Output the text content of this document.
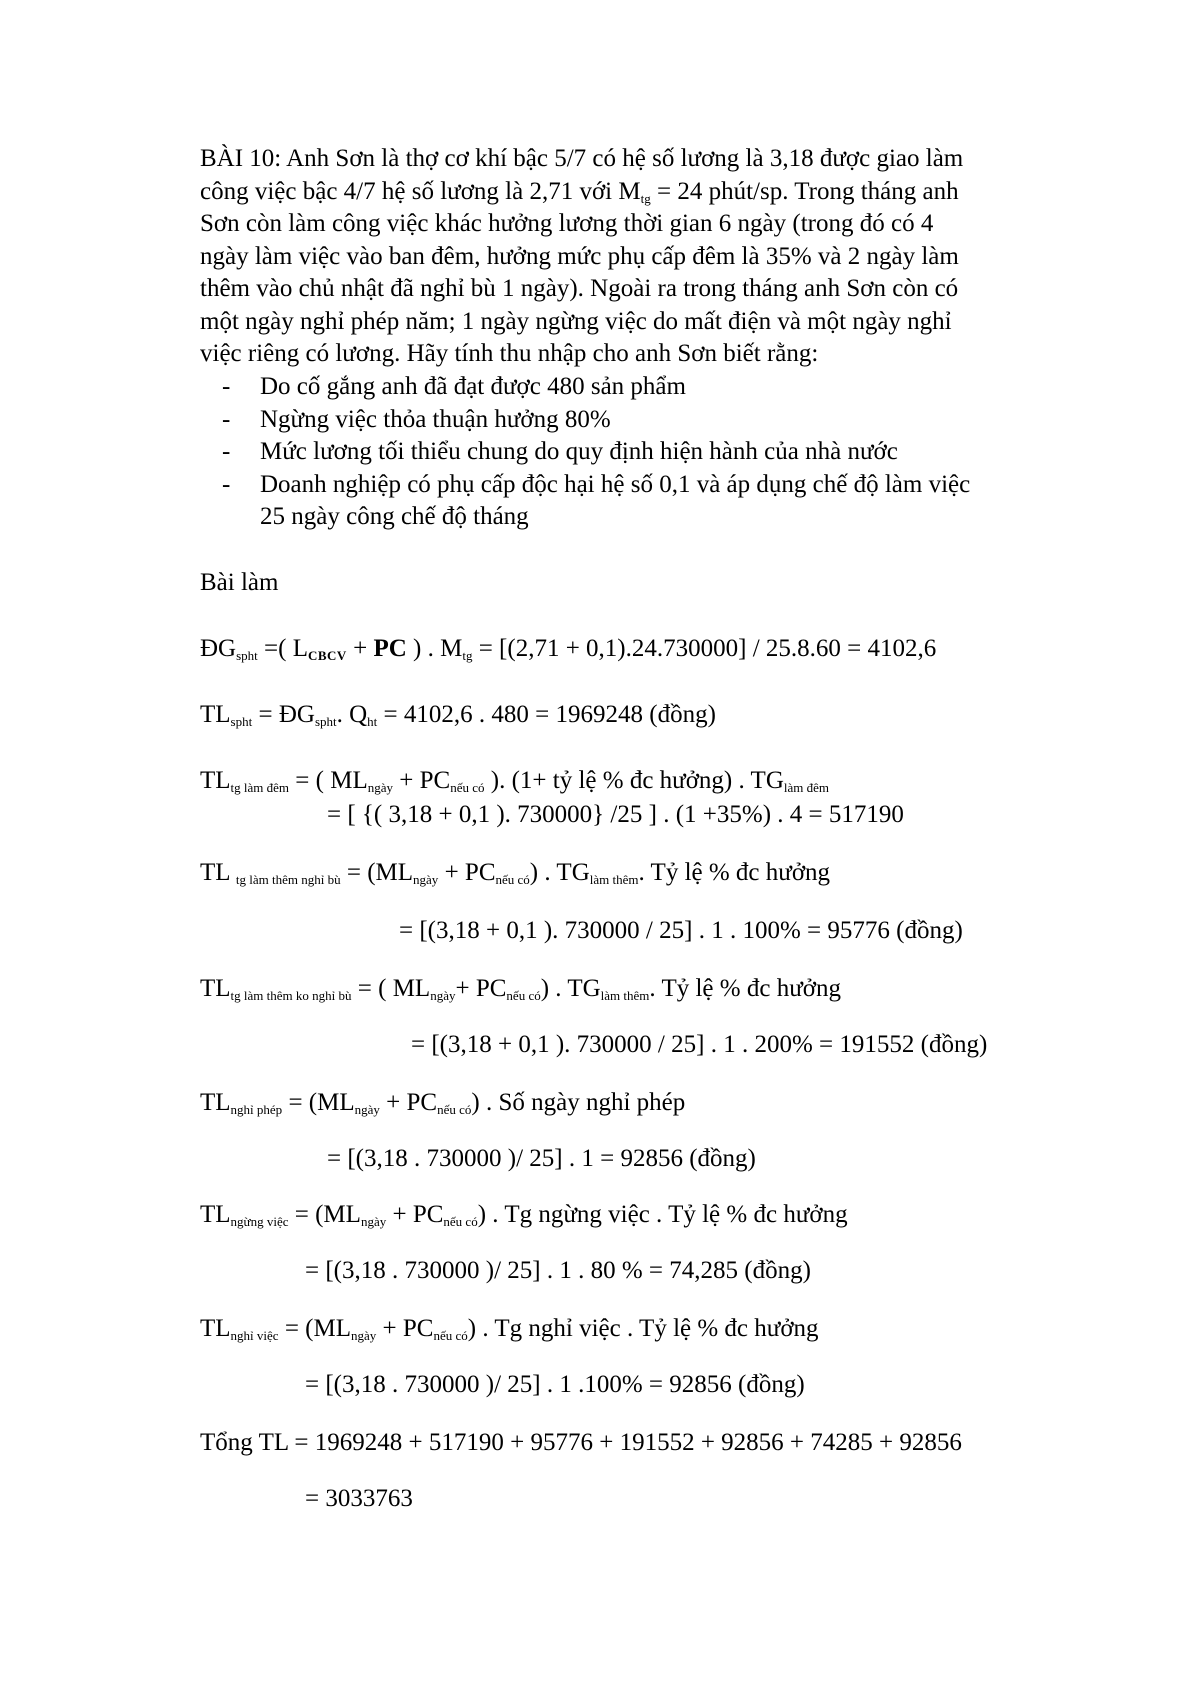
BÀI 10: Anh Sơn là thợ cơ khí bậc 5/7 có hệ số lương là 3,18 được giao làm

công việc bậc 4/7 hệ số lương là 2,71 với $M_{tg} = 24$ phút/sp. Trong tháng anh

Sơn còn làm công việc khác hưởng lương thời gian 6 ngày (trong đó có 4

ngày làm việc vào ban đêm, hưởng mức phụ cấp đêm là 35% và 2 ngày làm

thêm vào chủ nhật đã nghỉ bù 1 ngày). Ngoài ra trong tháng anh Sơn còn có

một ngày nghỉ phép năm; 1 ngày ngừng việc do mất điện và một ngày nghỉ

việc riêng có lương. Hãy tính thu nhập cho anh Sơn biết rằng:

- Do cố gắng anh đã đạt được 480 sản phẩm
- Ngừng việc thỏa thuận hưởng 80%
- Mức lương tối thiểu chung do quy định hiện hành của nhà nước
- Doanh nghiệp có phụ cấp độc hại hệ số 0,1 và áp dụng chế độ làm việc
25 ngày công chế độ tháng
Bài làm
$ĐG_{spht}$ =( $L_{CBCV}$ + PC ) . $M_{tg} = [(2,71 + 0,1).24.730000] / 25.8.60 = 4102,6$
$TL_{spht}$ = $ĐG_{spht}$. $Q_{ht} = 4102,6$ . 480 = 1969248 (đồng)
$TL_{tg làm đêm}$ = ( $ML_{ngày} + PC_{nếu có}$ ). (1+ tỷ lệ % đc hưởng) . $TG_{làm đêm}$
= [ {( 3,18 + 0,1 ). 730000} /25 ] . (1 +35%) . 4 = 517190
TL $_{tg làm thêm nghỉ bù} = (ML_{ngày} + PC_{nếu có})$ . $TG_{làm thêm}$. Tỷ lệ % đc hưởng
= [(3,18 + 0,1 ). 730000 / 25] . 1 . 100% = 95776 (đồng)
$TL_{tg làm thêm ko nghỉ bù}$ = ( $ML_{ngày}+ PC_{nếu có}$) . $TG_{làm thêm}$. Tỷ lệ % đc hưởng
= [(3,18 + 0,1 ). 730000 / 25] . 1 . 200% = 191552 (đồng)
$TL_{nghỉ phép} = (ML_{ngày} + PC_{nếu có})$ . Số ngày nghỉ phép
= [(3,18 . 730000 )/ 25] . 1 = 92856 (đồng)
$TL_{ngừng việc} = (ML_{ngày} + PC_{nếu có})$ . Tg ngừng việc . Tỷ lệ % đc hưởng
= [(3,18 . 730000 )/ 25] . 1 . 80 % = 74,285 (đồng)
$TL_{nghỉ việc} = (ML_{ngày} + PC_{nếu có})$ . Tg nghỉ việc . Tỷ lệ % đc hưởng
= [(3,18 . 730000 )/ 25] . 1 .100% = 92856 (đồng)
Tổng TL = 1969248 + 517190 + 95776 + 191552 + 92856 + 74285 + 92856
= 3033763
